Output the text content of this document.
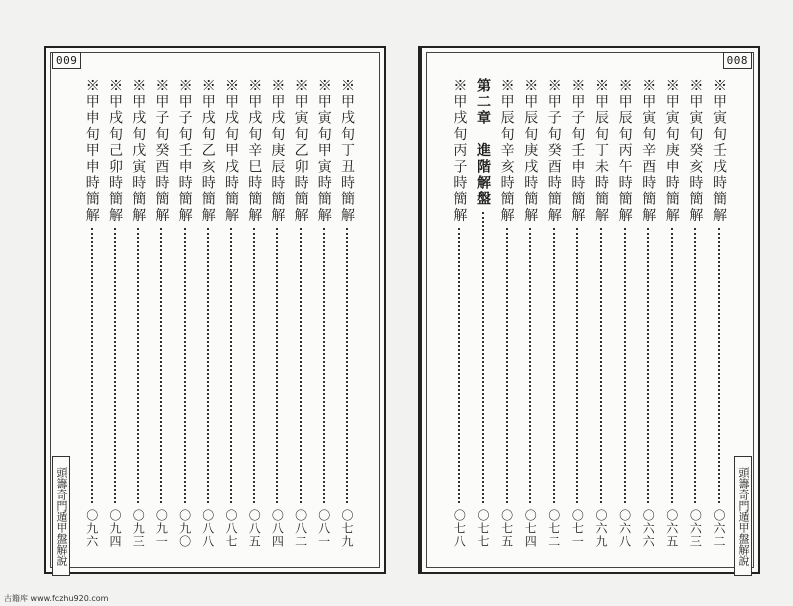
009
頭籌奇門遁甲盤解說
008
頭籌奇門遁甲盤解說
古籍库 www.fczhu920.com
※甲戌旬丁丑時簡解
〇七九
※甲寅旬甲寅時簡解
〇八一
※甲寅旬乙卯時簡解
〇八二
※甲戌旬庚辰時簡解
〇八四
※甲戌旬辛巳時簡解
〇八五
※甲戌旬甲戌時簡解
〇八七
※甲戌旬乙亥時簡解
〇八八
※甲子旬壬申時簡解
〇九〇
※甲子旬癸酉時簡解
〇九一
※甲戌旬戊寅時簡解
〇九三
※甲戌旬己卯時簡解
〇九四
※甲申旬甲申時簡解
〇九六
※甲寅旬壬戌時簡解
〇六二
※甲寅旬癸亥時簡解
〇六三
※甲寅旬庚申時簡解
〇六五
※甲寅旬辛酉時簡解
〇六六
※甲辰旬丙午時簡解
〇六八
※甲辰旬丁未時簡解
〇六九
※甲子旬壬申時簡解
〇七一
※甲子旬癸酉時簡解
〇七二
※甲辰旬庚戌時簡解
〇七四
※甲辰旬辛亥時簡解
〇七五
第二章　進階解盤
〇七七
※甲戌旬丙子時簡解
〇七八
